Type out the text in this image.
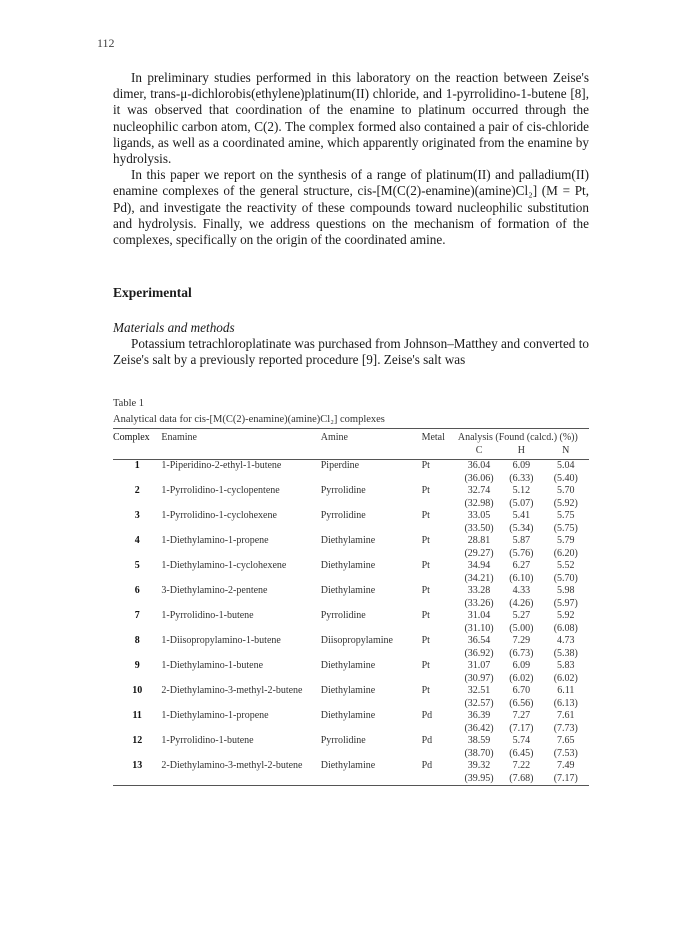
112

In preliminary studies performed in this laboratory on the reaction between Zeise's dimer, trans-μ-dichlorobis(ethylene)platinum(II) chloride, and 1-pyrrolidino-1-butene [8], it was observed that coordination of the enamine to platinum occurred through the nucleophilic carbon atom, C(2). The complex formed also contained a pair of cis-chloride ligands, as well as a coordinated amine, which apparently originated from the enamine by hydrolysis.

In this paper we report on the synthesis of a range of platinum(II) and palladium(II) enamine complexes of the general structure, cis-[M(C(2)-enamine)(amine)Cl₂] (M = Pt, Pd), and investigate the reactivity of these compounds toward nucleophilic substitution and hydrolysis. Finally, we address questions on the mechanism of formation of the complexes, specifically on the origin of the coordinated amine.

Experimental
Materials and methods

Potassium tetrachloroplatinate was purchased from Johnson–Matthey and converted to Zeise's salt by a previously reported procedure [9]. Zeise's salt was

Table 1
Analytical data for cis-[M(C(2)-enamine)(amine)Cl₂] complexes
Complex	Enamine	Amine	Metal	Analysis (Found (calcd.) (%))		
				C	H	N
1	1-Piperidino-2-ethyl-1-butene	Piperdine	Pt	36.04	6.09	5.04
				(36.06)	(6.33)	(5.40)
2	1-Pyrrolidino-1-cyclopentene	Pyrrolidine	Pt	32.74	5.12	5.70
				(32.98)	(5.07)	(5.92)
3	1-Pyrrolidino-1-cyclohexene	Pyrrolidine	Pt	33.05	5.41	5.75
				(33.50)	(5.34)	(5.75)
4	1-Diethylamino-1-propene	Diethylamine	Pt	28.81	5.87	5.79
				(29.27)	(5.76)	(6.20)
5	1-Diethylamino-1-cyclohexene	Diethylamine	Pt	34.94	6.27	5.52
				(34.21)	(6.10)	(5.70)
6	3-Diethylamino-2-pentene	Diethylamine	Pt	33.28	4.33	5.98
				(33.26)	(4.26)	(5.97)
7	1-Pyrrolidino-1-butene	Pyrrolidine	Pt	31.04	5.27	5.92
				(31.10)	(5.00)	(6.08)
8	1-Diisopropylamino-1-butene	Diisopropylamine	Pt	36.54	7.29	4.73
				(36.92)	(6.73)	(5.38)
9	1-Diethylamino-1-butene	Diethylamine	Pt	31.07	6.09	5.83
				(30.97)	(6.02)	(6.02)
10	2-Diethylamino-3-methyl-2-butene	Diethylamine	Pt	32.51	6.70	6.11
				(32.57)	(6.56)	(6.13)
11	1-Diethylamino-1-propene	Diethylamine	Pd	36.39	7.27	7.61
				(36.42)	(7.17)	(7.73)
12	1-Pyrrolidino-1-butene	Pyrrolidine	Pd	38.59	5.74	7.65
				(38.70)	(6.45)	(7.53)
13	2-Diethylamino-3-methyl-2-butene	Diethylamine	Pd	39.32	7.22	7.49
				(39.95)	(7.68)	(7.17)
